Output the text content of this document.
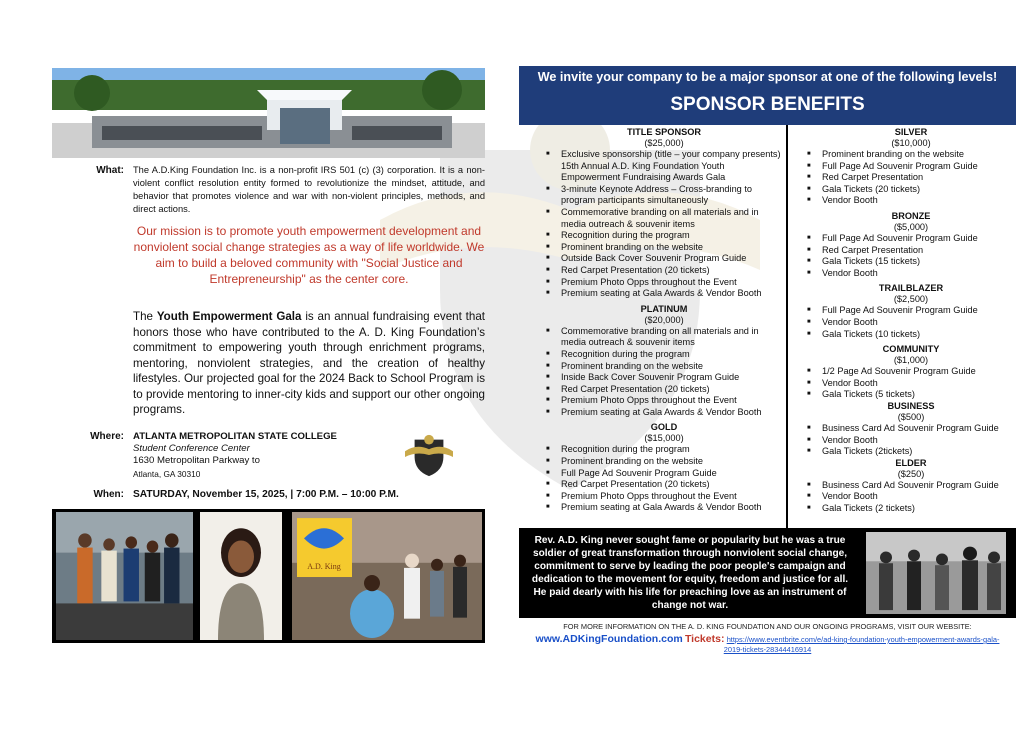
What: The A.D.King Foundation Inc. is a non-profit IRS 501 (c) (3) corporation. It is a non-violent conflict resolution entity formed to revolutionize the mindset, attitude, and behavior that promotes violence and war with non-violent principles, methods, and direct actions.
Our mission is to promote youth empowerment development and nonviolent social change strategies as a way of life worldwide. We aim to build a beloved community with "Social Justice and Entrepreneurship" as the center core.
The Youth Empowerment Gala is an annual fundraising event that honors those who have contributed to the A. D. King Foundation’s commitment to empowering youth through enrichment programs, mentoring, nonviolent strategies, and the creation of healthy lifestyles. Our projected goal for the 2024 Back to School Program is to provide mentoring to inner-city kids and support our other ongoing programs.
Where: ATLANTA METROPOLITAN STATE COLLEGE
Student Conference Center
1630 Metropolitan Parkway to
Atlanta, GA 30310
When: SATURDAY, November 15, 2025, | 7:00 P.M. – 10:00 P.M.
A.D. King
We invite your company to be a major sponsor at one of the following levels!
SPONSOR BENEFITS
TITLE SPONSOR
($25,000)
■ Exclusive sponsorship (title – your company presents) 15th Annual A.D. King Foundation Youth Empowerment Fundraising Awards Gala
■ 3-minute Keynote Address – Cross-branding to program participants simultaneously
■ Commemorative branding on all materials and in media outreach & souvenir items
■ Recognition during the program
■ Prominent branding on the website
■ Outside Back Cover Souvenir Program Guide
■ Red Carpet Presentation (20 tickets)
■ Premium Photo Opps throughout the Event
■ Premium seating at Gala Awards & Vendor Booth
PLATINUM
($20,000)
■ Commemorative branding on all materials and in media outreach & souvenir items
■ Recognition during the program
■ Prominent branding on the website
■ Inside Back Cover Souvenir Program Guide
■ Red Carpet Presentation (20 tickets)
■ Premium Photo Opps throughout the Event
■ Premium seating at Gala Awards & Vendor Booth
GOLD
($15,000)
■ Recognition during the program
■ Prominent branding on the website
■ Full Page Ad Souvenir Program Guide
■ Red Carpet Presentation (20 tickets)
■ Premium Photo Opps throughout the Event
■ Premium seating at Gala Awards & Vendor Booth
SILVER
($10,000)
■ Prominent branding on the website
■ Full Page Ad Souvenir Program Guide
■ Red Carpet Presentation
■ Gala Tickets (20 tickets)
■ Vendor Booth
BRONZE
($5,000)
■ Full Page Ad Souvenir Program Guide
■ Red Carpet Presentation
■ Gala Tickets (15 tickets)
■ Vendor Booth
TRAILBLAZER
($2,500)
■ Full Page Ad Souvenir Program Guide
■ Vendor Booth
■ Gala Tickets (10 tickets)
COMMUNITY
($1,000)
■ 1/2 Page Ad Souvenir Program Guide
■ Vendor Booth
■ Gala Tickets (5 tickets)
BUSINESS
($500)
■ Business Card Ad Souvenir Program Guide
■ Vendor Booth
■ Gala Tickets (2tickets)
ELDER
($250)
■ Business Card Ad Souvenir Program Guide
■ Vendor Booth
■ Gala Tickets (2 tickets)
Rev. A.D. King never sought fame or popularity but he was a true soldier of great transformation through nonviolent social change, commitment to serve by leading the poor people's campaign and dedication to the movement for equity, freedom and justice for all. He paid dearly with his life for preaching love as an instrument of change not war.
FOR MORE INFORMATION ON THE A. D. KING FOUNDATION AND OUR ONGOING PROGRAMS, VISIT OUR WEBSITE:
www.ADKingFoundation.com Tickets: https://www.eventbrite.com/e/ad-king-foundation-youth-empowerment-awards-gala-
2019-tickets-28344416914
